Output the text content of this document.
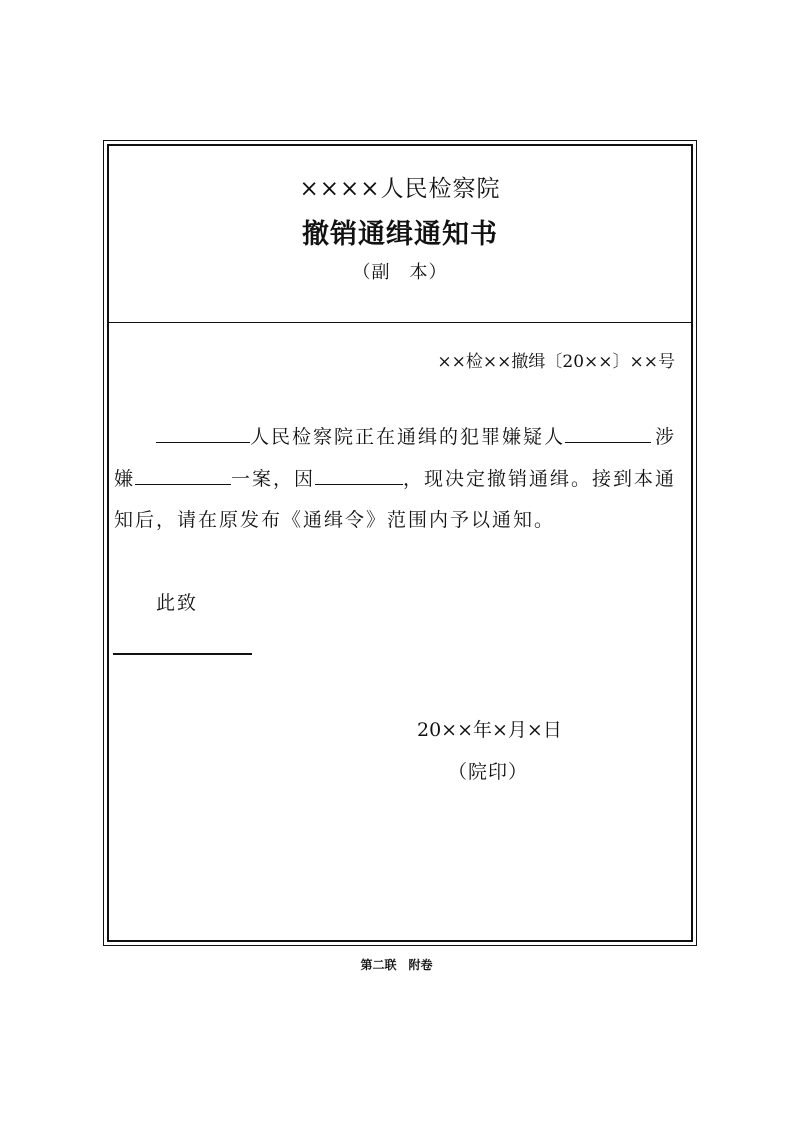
××××人民检察院
撤销通缉通知书
（副　本）
××检××撤缉〔20××〕××号
人民检察院正在通缉的犯罪嫌疑人	涉
嫌	一案，因	，现决定撤销通缉。接到本通
知后，请在原发布《通缉令》范围内予以通知。
此致
20××年×月×日
（院印）
第二联　附卷
